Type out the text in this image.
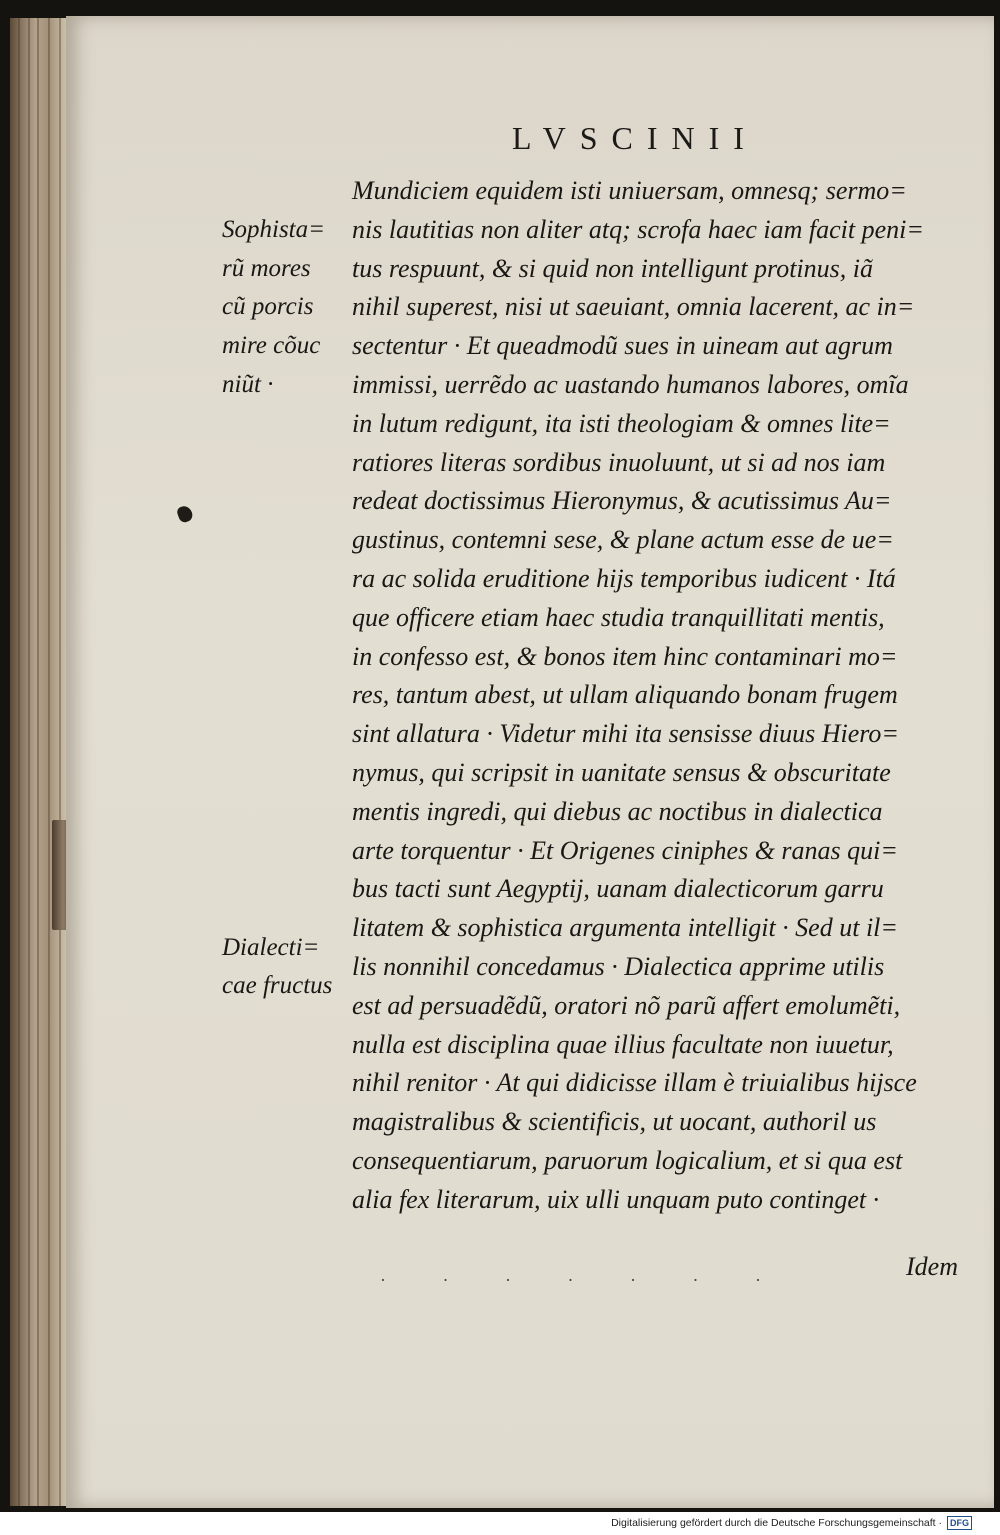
LVSCINII
Sophista=
rũ mores
cũ porcis
mire cõuc
niũt ·
Dialecti=
cae fructus
Mundiciem equidem isti uniuersam, omnesq; sermo=
nis lautitias non aliter atq; scrofa haec iam facit peni=
tus respuunt, & si quid non intelligunt protinus, iã
nihil superest, nisi ut saeuiant, omnia lacerent, ac in=
sectentur · Et queadmodũ sues in uineam aut agrum
immissi, uerrẽdo ac uastando humanos labores, omĩa
in lutum redigunt, ita isti theologiam & omnes lite=
ratiores literas sordibus inuoluunt, ut si ad nos iam
redeat doctissimus Hieronymus, & acutissimus Au=
gustinus, contemni sese, & plane actum esse de ue=
ra ac solida eruditione hijs temporibus iudicent · Itá
que officere etiam haec studia tranquillitati mentis,
in confesso est, & bonos item hinc contaminari mo=
res, tantum abest, ut ullam aliquando bonam frugem
sint allatura · Videtur mihi ita sensisse diuus Hiero=
nymus, qui scripsit in uanitate sensus & obscuritate
mentis ingredi, qui diebus ac noctibus in dialectica
arte torquentur · Et Origenes ciniphes & ranas qui=
bus tacti sunt Aegyptij, uanam dialecticorum garru
litatem & sophistica argumenta intelligit · Sed ut il=
lis nonnihil concedamus · Dialectica apprime utilis
est ad persuadẽdũ, oratori nõ parũ affert emolumẽti,
nulla est disciplina quae illius facultate non iuuetur,
nihil renitor · At qui didicisse illam è triuialibus hijsce
magistralibus & scientificis, ut uocant, authoril us
consequentiarum, paruorum logicalium, et si qua est
alia fex literarum, uix ulli unquam puto continget ·
· · · · · · ·	Idem
Digitalisierung gefördert durch die Deutsche Forschungsgemeinschaft · DFG
